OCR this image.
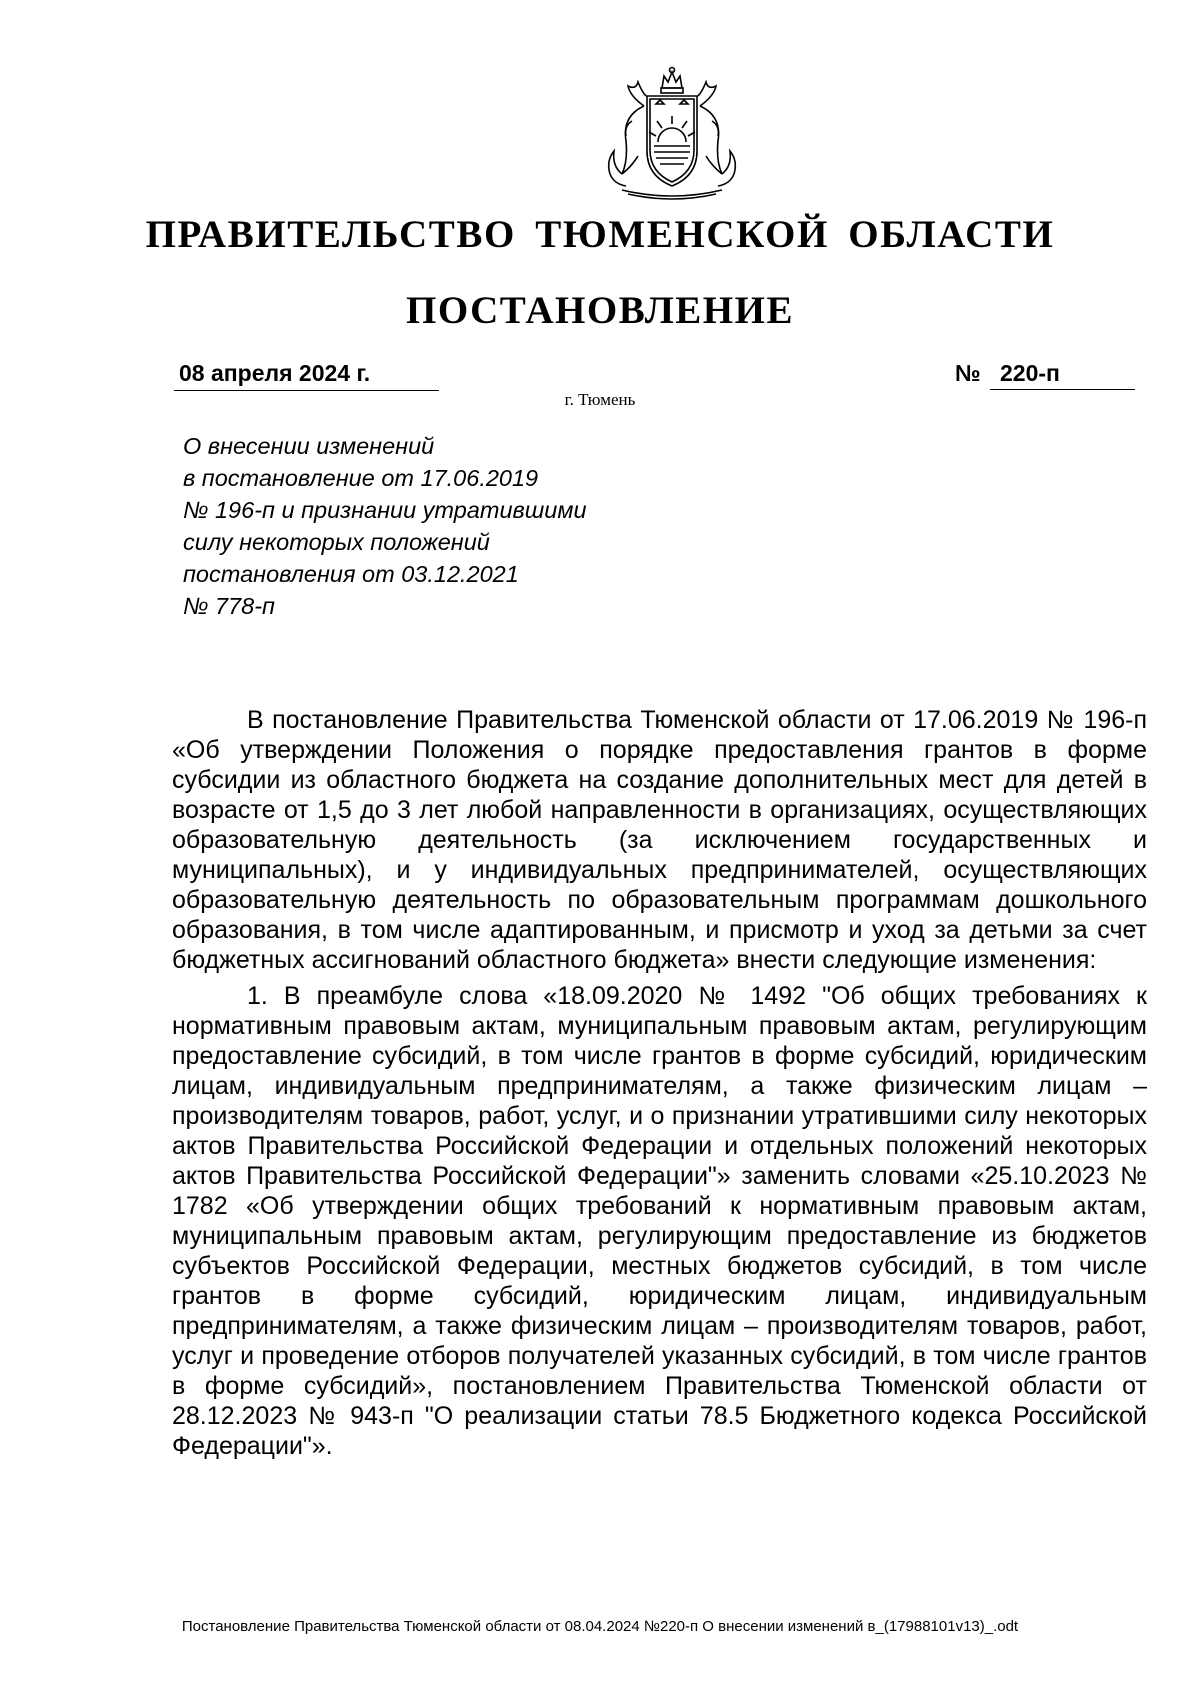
ПРАВИТЕЛЬСТВО ТЮМЕНСКОЙ ОБЛАСТИ
ПОСТАНОВЛЕНИЕ
08 апреля 2024 г.	№ 220-п
г. Тюмень
О внесении изменений
в постановление от 17.06.2019
№ 196-п и признании утратившими
силу некоторых положений
постановления от 03.12.2021
№ 778-п

В постановление Правительства Тюменской области от 17.06.2019 № 196-п «Об утверждении Положения о порядке предоставления грантов в форме субсидии из областного бюджета на создание дополнительных мест для детей в возрасте от 1,5 до 3 лет любой направленности в организациях, осуществляющих образовательную деятельность (за исключением государственных и муниципальных), и у индивидуальных предпринимателей, осуществляющих образовательную деятельность по образовательным программам дошкольного образования, в том числе адаптированным, и присмотр и уход за детьми за счет бюджетных ассигнований областного бюджета» внести следующие изменения:

1. В преамбуле слова «18.09.2020 № 1492 "Об общих требованиях к нормативным правовым актам, муниципальным правовым актам, регулирующим предоставление субсидий, в том числе грантов в форме субсидий, юридическим лицам, индивидуальным предпринимателям, а также физическим лицам – производителям товаров, работ, услуг, и о признании утратившими силу некоторых актов Правительства Российской Федерации и отдельных положений некоторых актов Правительства Российской Федерации"» заменить словами «25.10.2023 № 1782 «Об утверждении общих требований к нормативным правовым актам, муниципальным правовым актам, регулирующим предоставление из бюджетов субъектов Российской Федерации, местных бюджетов субсидий, в том числе грантов в форме субсидий, юридическим лицам, индивидуальным предпринимателям, а также физическим лицам – производителям товаров, работ, услуг и проведение отборов получателей указанных субсидий, в том числе грантов в форме субсидий», постановлением Правительства Тюменской области от 28.12.2023 № 943-п "О реализации статьи 78.5 Бюджетного кодекса Российской Федерации"».

Постановление Правительства Тюменской области от 08.04.2024 №220-п О внесении изменений в_(17988101v13)_.odt
